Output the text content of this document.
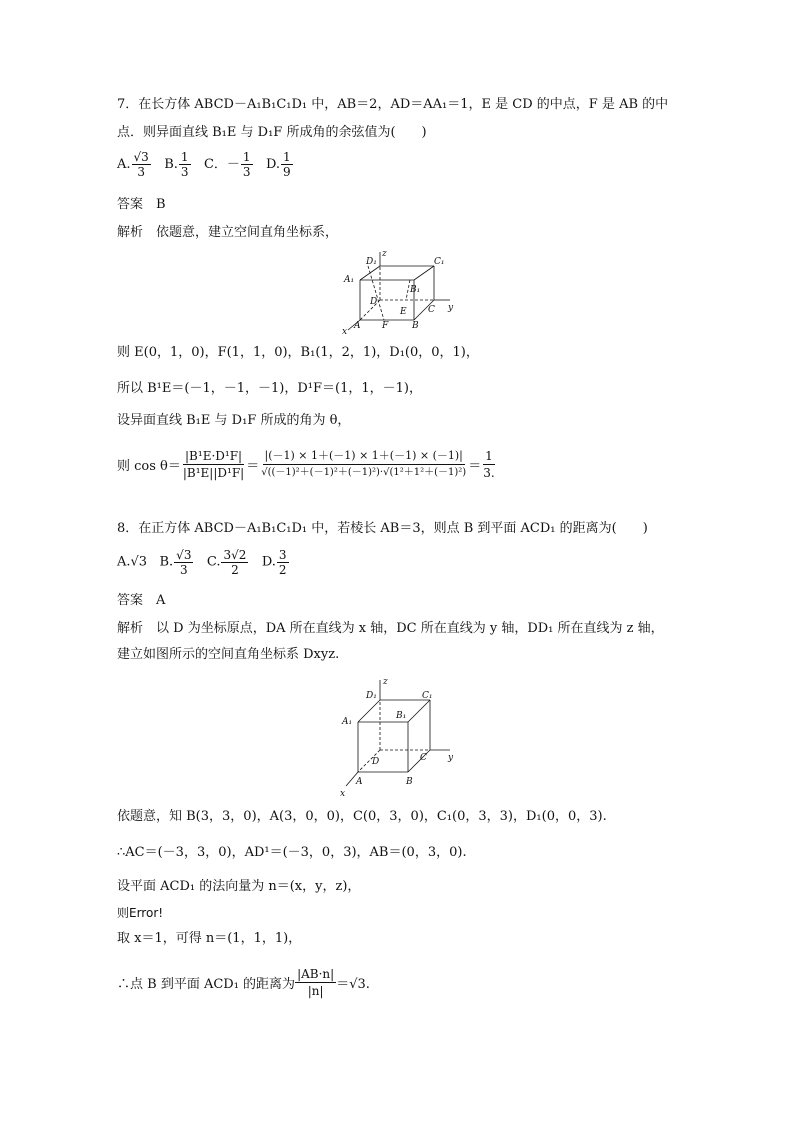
7．在长方体 ABCD－A₁B₁C₁D₁ 中，AB＝2，AD＝AA₁＝1，E 是 CD 的中点，F 是 AB 的中
点．则异面直线 B₁E 与 D₁F 所成角的余弦值为(　　)
A. $\frac{√3}{3} B$. $\frac{1}{3}$ C．－ $\frac{1}{3} D$. $\frac{1}{9}$
答案　B
解析　依题意，建立空间直角坐标系，
z
D₁	C₁
A₁
B₁
D
E C y
A F	B
x
则 E(0，1，0)，F(1，1，0)，B₁(1，2，1)，D₁(0，0，1)，
所以 B¹E＝(－1，－1，－1)，D¹F＝(1，1，－1)，
设异面直线 B₁E 与 D₁F 所成的角为 θ，
则 $\cos \theta= \frac{\text{|B¹E·D¹F|}}{\text{|B¹E||D¹F|}} = \frac{|(-1) \times 1+(-1) \times 1+(-1) \times (-1)|}{\text{√((－1)²＋(－1)²＋(－1)²)·√(1²＋1²＋(－1)²)}} = \frac{1}{3.}$
8．在正方体 ABCD－A₁B₁C₁D₁ 中，若棱长 AB＝3，则点 B 到平面 ACD₁ 的距离为(　　)
A.√3 B. $\frac{√3}{3} C$. $\frac{3√2}{2} D$. $\frac{3}{2}$
答案　A
解析　以 D 为坐标原点，DA 所在直线为 x 轴，DC 所在直线为 y 轴，DD₁ 所在直线为 z 轴，
建立如图所示的空间直角坐标系 Dxyz.
z
D₁	C₁
A₁
B₁
D	C y
A	B
x
依题意，知 B(3，3，0)，A(3，0，0)，C(0，3，0)，C₁(0，3，3)，D₁(0，0，3).
∴AC＝(－3，3，0)，AD¹＝(－3，0，3)，AB＝(0，3，0).
设平面 ACD₁ 的法向量为 n＝(x，y，z)，
则Error!
取 x＝1，可得 n＝(1，1，1)，
∴点 B 到平面 ACD₁ 的距离为 $\frac{|AB\cdot n|}{|n|} =√3$.
